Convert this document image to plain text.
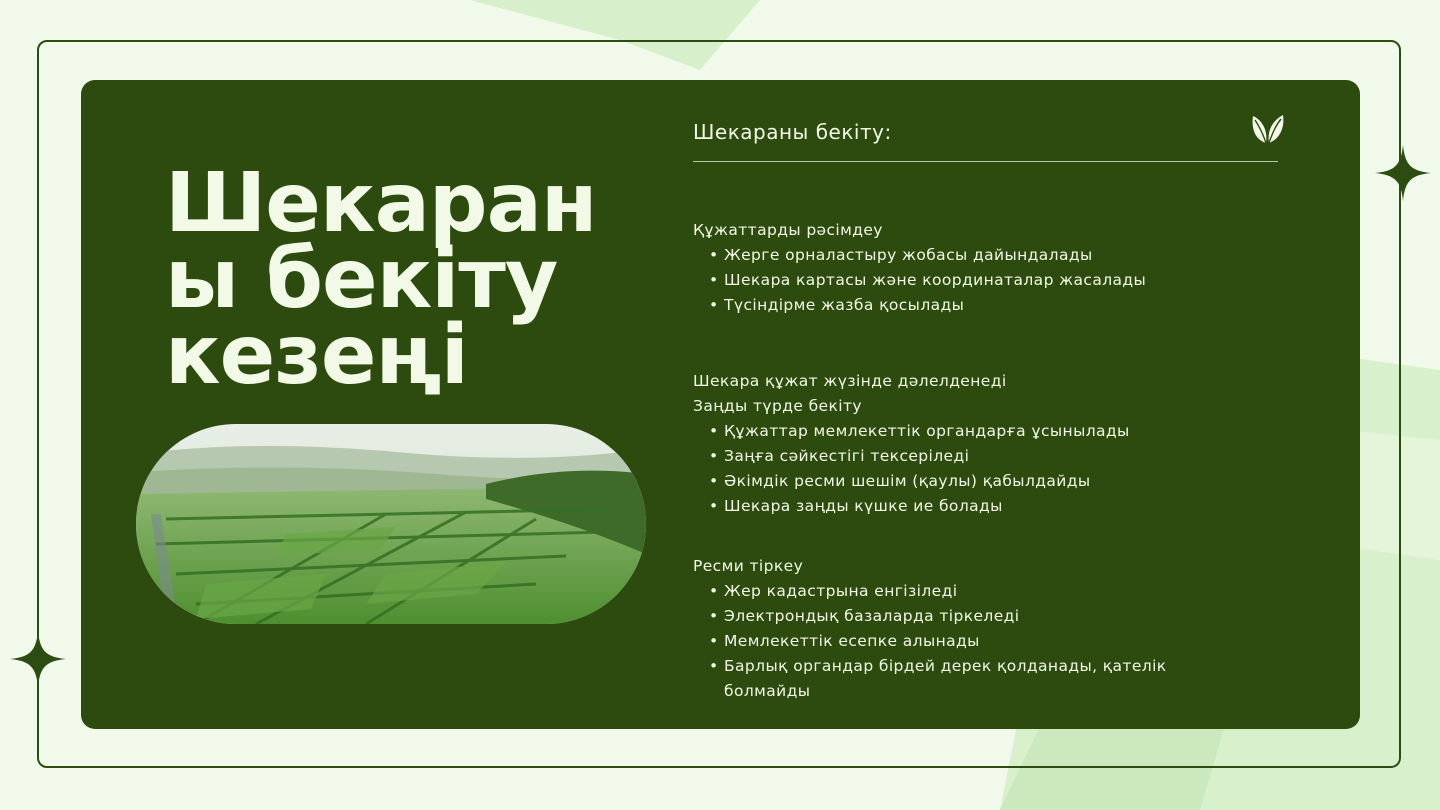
Шекараны бекіту кезеңі
Шекараны бекіту:

Құжаттарды рәсімдеу

• Жерге орналастыру жобасы дайындалады
• Шекара картасы және координаталар жасалады
• Түсіндірме жазба қосылады

Шекара құжат жүзінде дәлелденеді

Заңды түрде бекіту

• Құжаттар мемлекеттік органдарға ұсынылады
• Заңға сәйкестігі тексеріледі
• Әкімдік ресми шешім (қаулы) қабылдайды
• Шекара заңды күшке ие болады

Ресми тіркеу

• Жер кадастрына енгізіледі
• Электрондық базаларда тіркеледі
• Мемлекеттік есепке алынады
• Барлық органдар бірдей дерек қолданады, қателік болмайды
